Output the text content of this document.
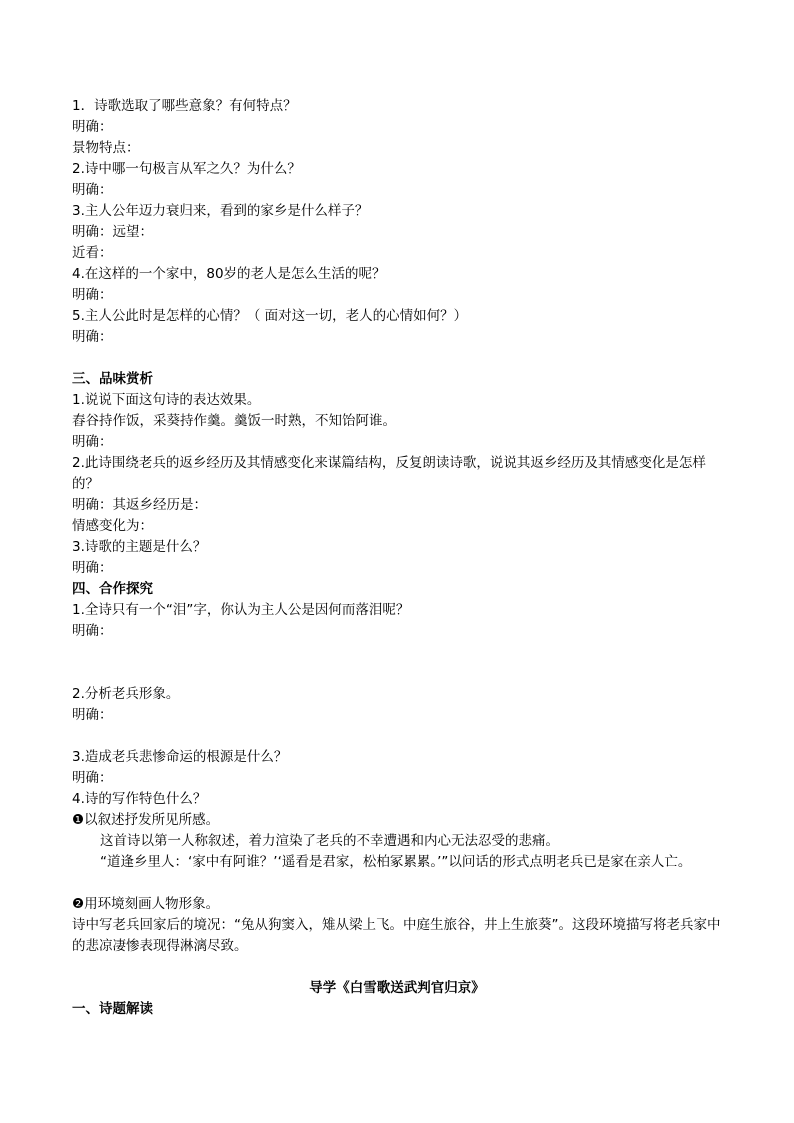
1．诗歌选取了哪些意象？有何特点？
明确：
景物特点：
2.诗中哪一句极言从军之久？为什么？
明确：
3.主人公年迈力衰归来，看到的家乡是什么样子？
明确：远望：
近看：
4.在这样的一个家中，80岁的老人是怎么生活的呢？
明确：
5.主人公此时是怎样的心情？（ 面对这一切，老人的心情如何？）
明确：
三、品味赏析
1.说说下面这句诗的表达效果。
舂谷持作饭，采葵持作羹。羹饭一时熟，不知饴阿谁。
明确：
2.此诗围绕老兵的返乡经历及其情感变化来谋篇结构，反复朗读诗歌，说说其返乡经历及其情感变化是怎样的？
明确：其返乡经历是：
情感变化为：
3.诗歌的主题是什么？
明确：
四、合作探究
1.全诗只有一个“泪”字，你认为主人公是因何而落泪呢？
明确：
2.分析老兵形象。
明确：
3.造成老兵悲惨命运的根源是什么？
明确：
4.诗的写作特色什么？
❶以叙述抒发所见所感。
这首诗以第一人称叙述，着力渲染了老兵的不幸遭遇和内心无法忍受的悲痛。
“道逢乡里人：‘家中有阿谁？’‘遥看是君家，松柏冢累累。’”以问话的形式点明老兵已是家在亲人亡。
❷用环境刻画人物形象。
诗中写老兵回家后的境况：“兔从狗窦入，雉从梁上飞。中庭生旅谷，井上生旅葵”。这段环境描写将老兵家中的悲凉凄惨表现得淋漓尽致。
导学《白雪歌送武判官归京》
一、诗题解读
